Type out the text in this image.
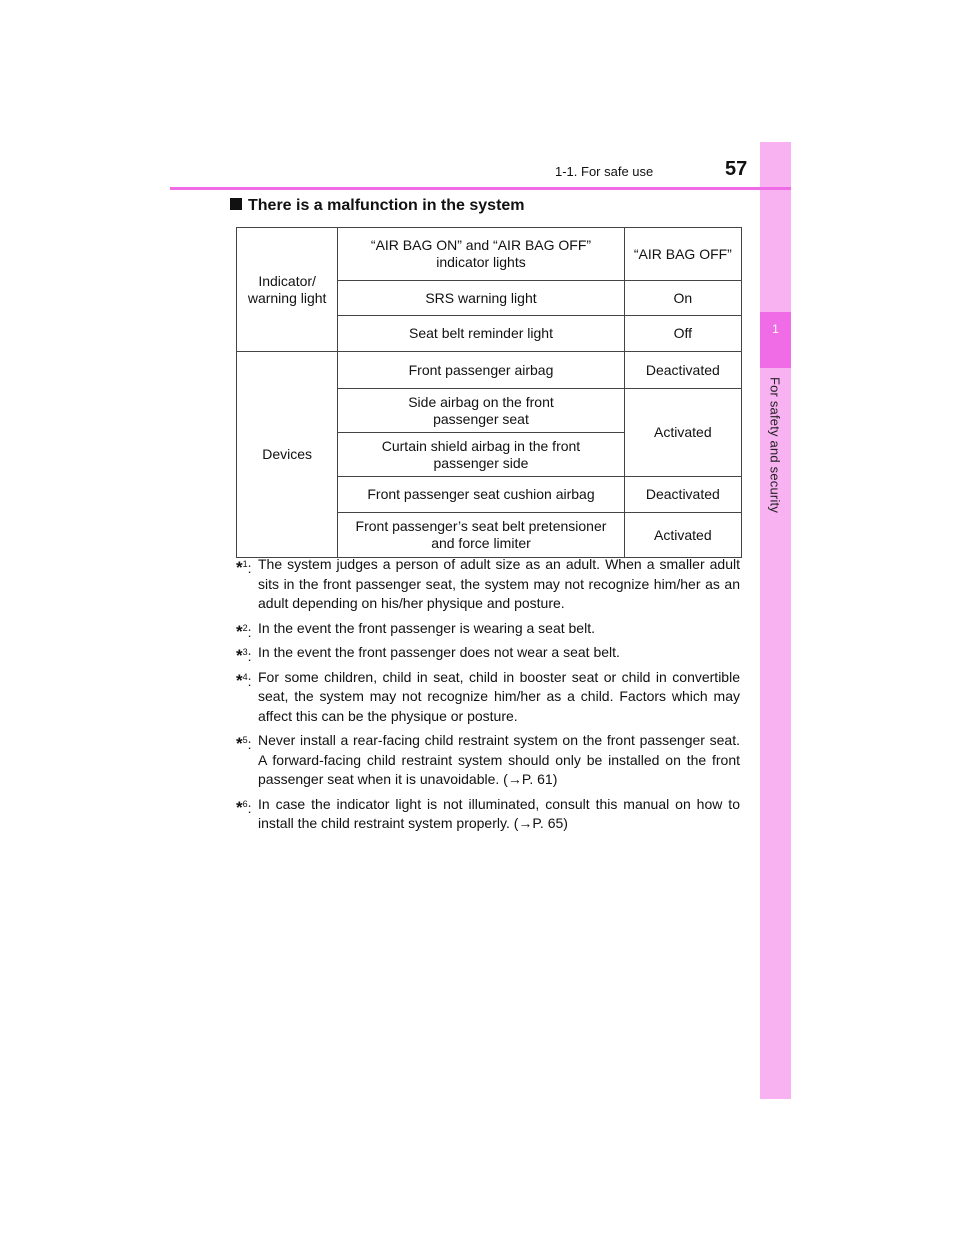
1
For safety and security
57
1-1. For safe use
There is a malfunction in the system
Indicator/ warning light	“AIR BAG ON” and “AIR BAG OFF” indicator lights	“AIR BAG OFF”
	SRS warning light	On
	Seat belt reminder light	Off
Devices	Front passenger airbag	Deactivated
	Side airbag on the front passenger seat	Activated
	Curtain shield airbag in the front passenger side	
	Front passenger seat cushion airbag	Deactivated
	Front passenger’s seat belt pretensioner and force limiter	Activated
*$^1$: The system judges a person of adult size as an adult. When a smaller adult sits in the front passenger seat, the system may not recognize him/her as an adult depending on his/her physique and posture.
*$^2$: In the event the front passenger is wearing a seat belt.
*$^3$: In the event the front passenger does not wear a seat belt.
*$^4$: For some children, child in seat, child in booster seat or child in convertible seat, the system may not recognize him/her as a child. Factors which may affect this can be the physique or posture.
*$^5$: Never install a rear-facing child restraint system on the front passenger seat. A forward-facing child restraint system should only be installed on the front passenger seat when it is unavoidable. (→P. 61)
*$^6$: In case the indicator light is not illuminated, consult this manual on how to install the child restraint system properly. (→P. 65)
